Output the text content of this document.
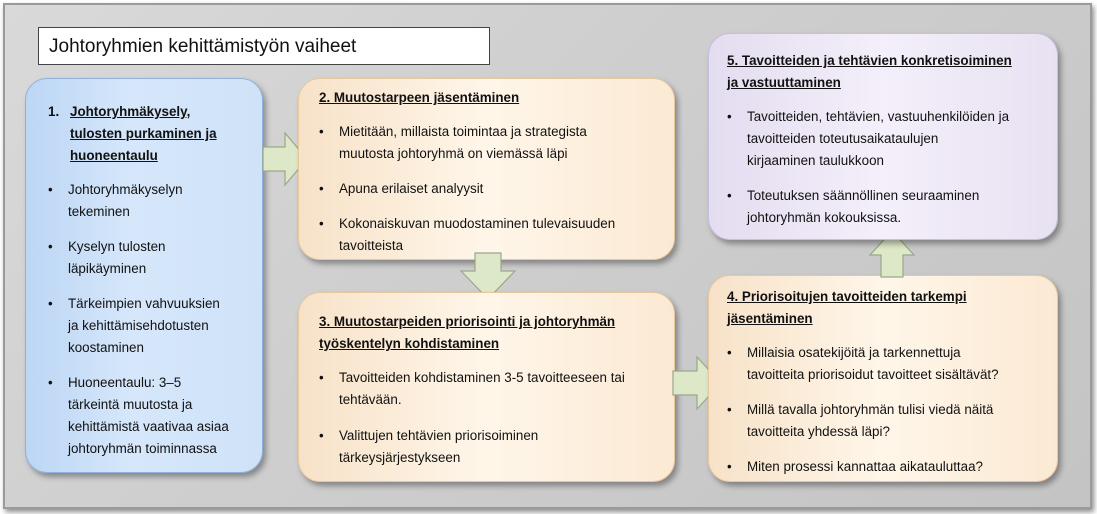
Johtoryhmien kehittämistyön vaiheet
1. Johtoryhmäkysely,
tulosten purkaminen ja
huoneentaulu
• Johtoryhmäkyselyn
tekeminen
• Kyselyn tulosten
läpikäyminen
• Tärkeimpien vahvuuksien
ja kehittämisehdotusten
koostaminen
• Huoneentaulu: 3–5
tärkeintä muutosta ja
kehittämistä vaativaa asiaa
johtoryhmän toiminnassa
2. Muutostarpeen jäsentäminen
• Mietitään, millaista toimintaa ja strategista
muutosta johtoryhmä on viemässä läpi
• Apuna erilaiset analyysit
• Kokonaiskuvan muodostaminen tulevaisuuden
tavoitteista
3. Muutostarpeiden priorisointi ja johtoryhmän
työskentelyn kohdistaminen
• Tavoitteiden kohdistaminen 3-5 tavoitteeseen tai
tehtävään.
• Valittujen tehtävien priorisoiminen
tärkeysjärjestykseen
4. Priorisoitujen tavoitteiden tarkempi
jäsentäminen
• Millaisia osatekijöitä ja tarkennettuja
tavoitteita priorisoidut tavoitteet sisältävät?
• Millä tavalla johtoryhmän tulisi viedä näitä
tavoitteita yhdessä läpi?
• Miten prosessi kannattaa aikatauluttaa?
5. Tavoitteiden ja tehtävien konkretisoiminen
ja vastuuttaminen
• Tavoitteiden, tehtävien, vastuuhenkilöiden ja
tavoitteiden toteutusaikataulujen
kirjaaminen taulukkoon
• Toteutuksen säännöllinen seuraaminen
johtoryhmän kokouksissa.
